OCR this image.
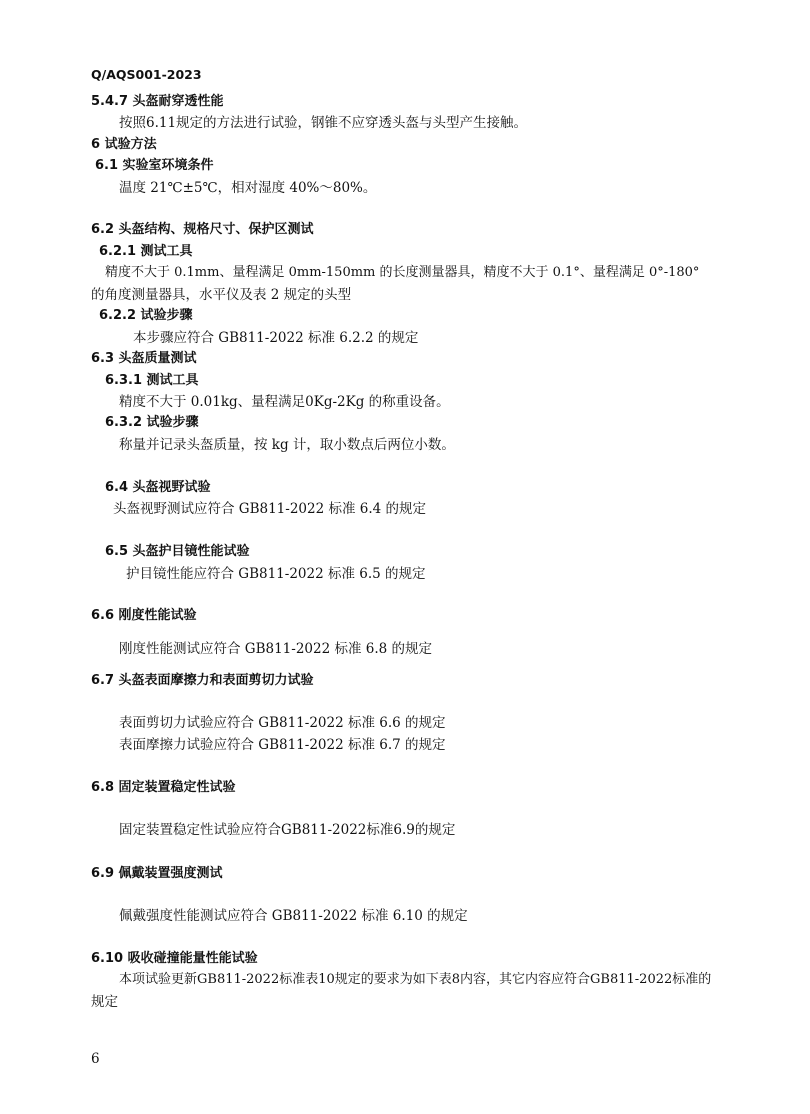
Q/AQS001-2023
5.4.7 头盔耐穿透性能
按照6.11规定的方法进行试验，钢锥不应穿透头盔与头型产生接触。
6 试验方法
6.1 实验室环境条件
温度 21℃±5℃，相对湿度 40%～80%。
6.2 头盔结构、规格尺寸、保护区测试
6.2.1 测试工具
精度不大于 0.1mm、量程满足 0mm-150mm 的长度测量器具，精度不大于 0.1°、量程满足 0°-180°
的角度测量器具，水平仪及表 2 规定的头型
6.2.2 试验步骤
本步骤应符合 GB811-2022 标准 6.2.2 的规定
6.3 头盔质量测试
6.3.1 测试工具
精度不大于 0.01kg、量程满足0Kg-2Kg 的称重设备。
6.3.2 试验步骤
称量并记录头盔质量，按 kg 计，取小数点后两位小数。
6.4 头盔视野试验
头盔视野测试应符合 GB811-2022 标准 6.4 的规定
6.5 头盔护目镜性能试验
护目镜性能应符合 GB811-2022 标准 6.5 的规定
6.6 刚度性能试验
刚度性能测试应符合 GB811-2022 标准 6.8 的规定
6.7 头盔表面摩擦力和表面剪切力试验
表面剪切力试验应符合 GB811-2022 标准 6.6 的规定
表面摩擦力试验应符合 GB811-2022 标准 6.7 的规定
6.8 固定装置稳定性试验
固定装置稳定性试验应符合GB811-2022标准6.9的规定
6.9 佩戴装置强度测试
佩戴强度性能测试应符合 GB811-2022 标准 6.10 的规定
6.10 吸收碰撞能量性能试验
本项试验更新GB811-2022标准表10规定的要求为如下表8内容，其它内容应符合GB811-2022标准的
规定
6
